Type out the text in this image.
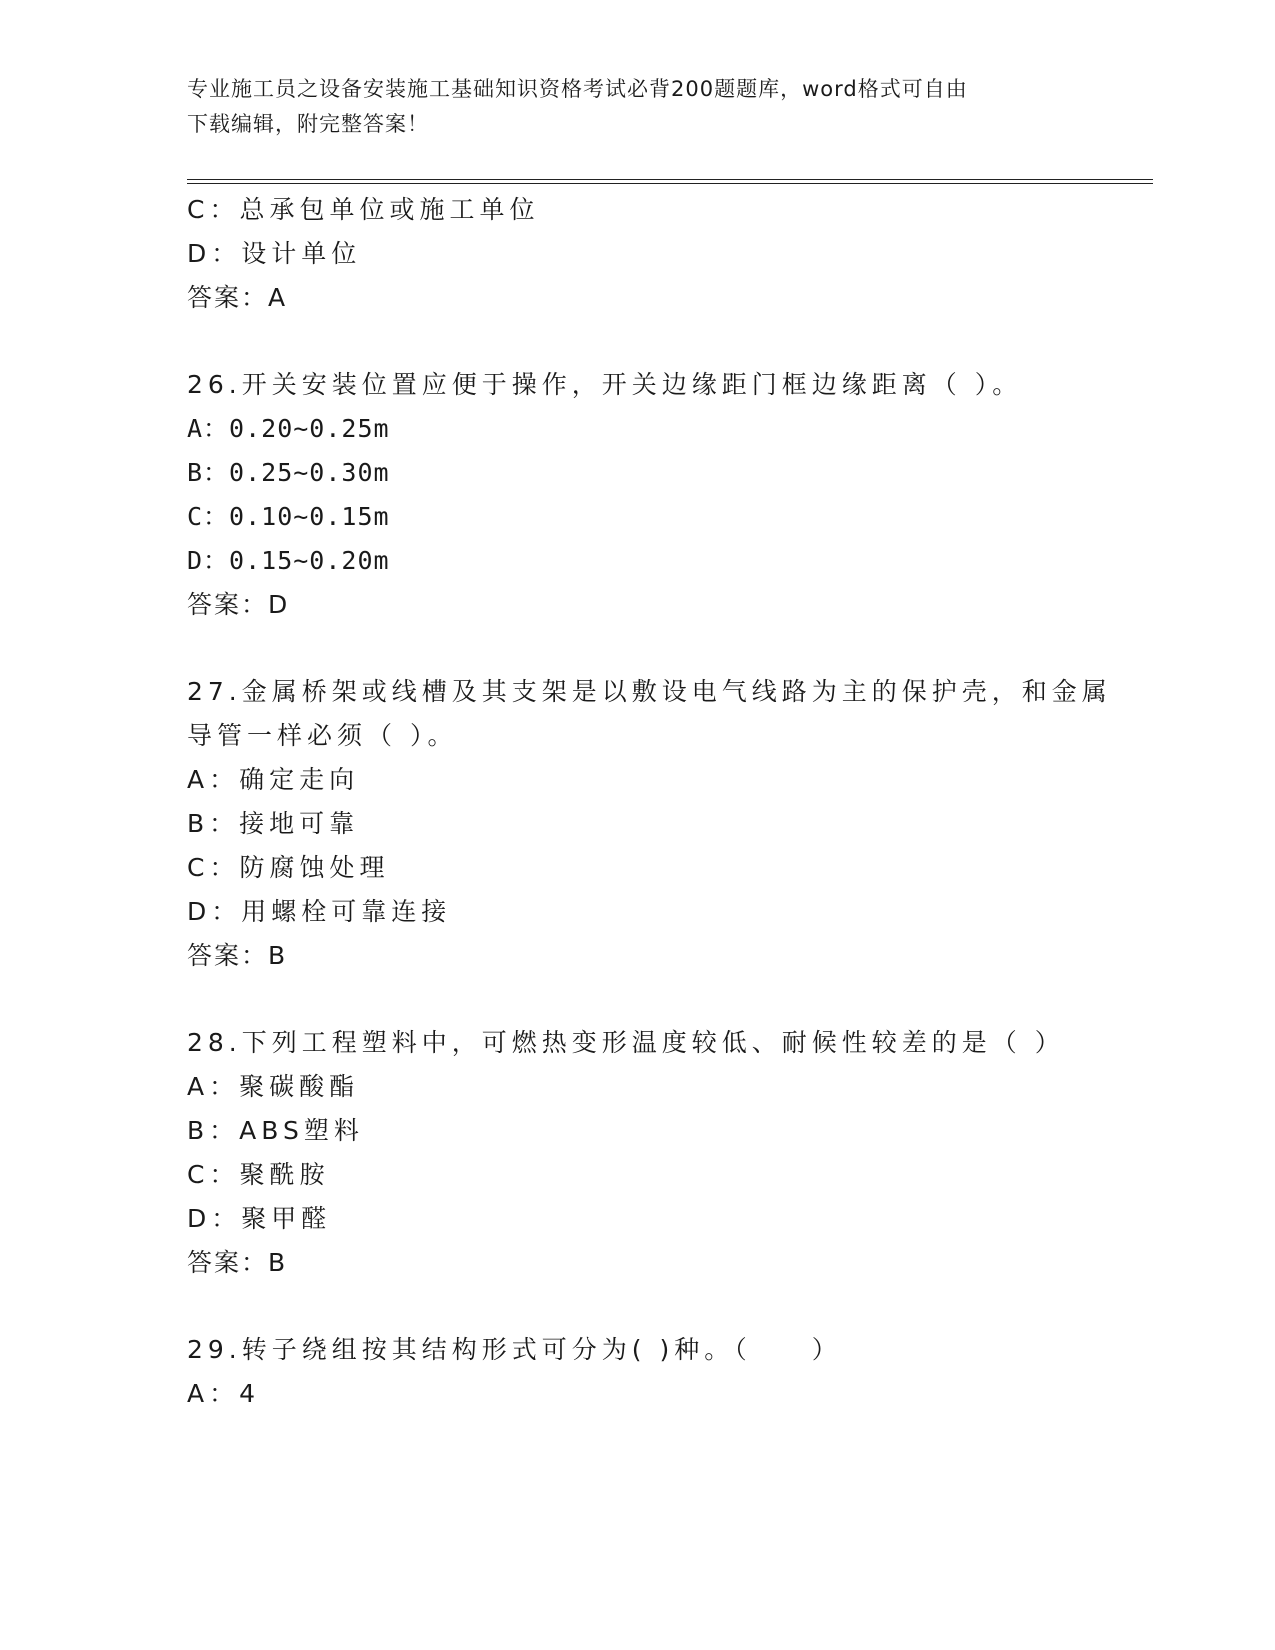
专业施工员之设备安装施工基础知识资格考试必背200题题库，word格式可自由
下载编辑，附完整答案！
C：总承包单位或施工单位
D：设计单位
答案：A
26.开关安装位置应便于操作，开关边缘距门框边缘距离（ ）。
A：0.20~0.25m
B：0.25~0.30m
C：0.10~0.15m
D：0.15~0.20m
答案：D
27.金属桥架或线槽及其支架是以敷设电气线路为主的保护壳，和金属
导管一样必须（ ）。
A：确定走向
B：接地可靠
C：防腐蚀处理
D：用螺栓可靠连接
答案：B
28.下列工程塑料中，可燃热变形温度较低、耐候性较差的是（ ）
A：聚碳酸酯
B：ABS塑料
C：聚酰胺
D：聚甲醛
答案：B
29.转子绕组按其结构形式可分为( )种。（　　）
A：4
